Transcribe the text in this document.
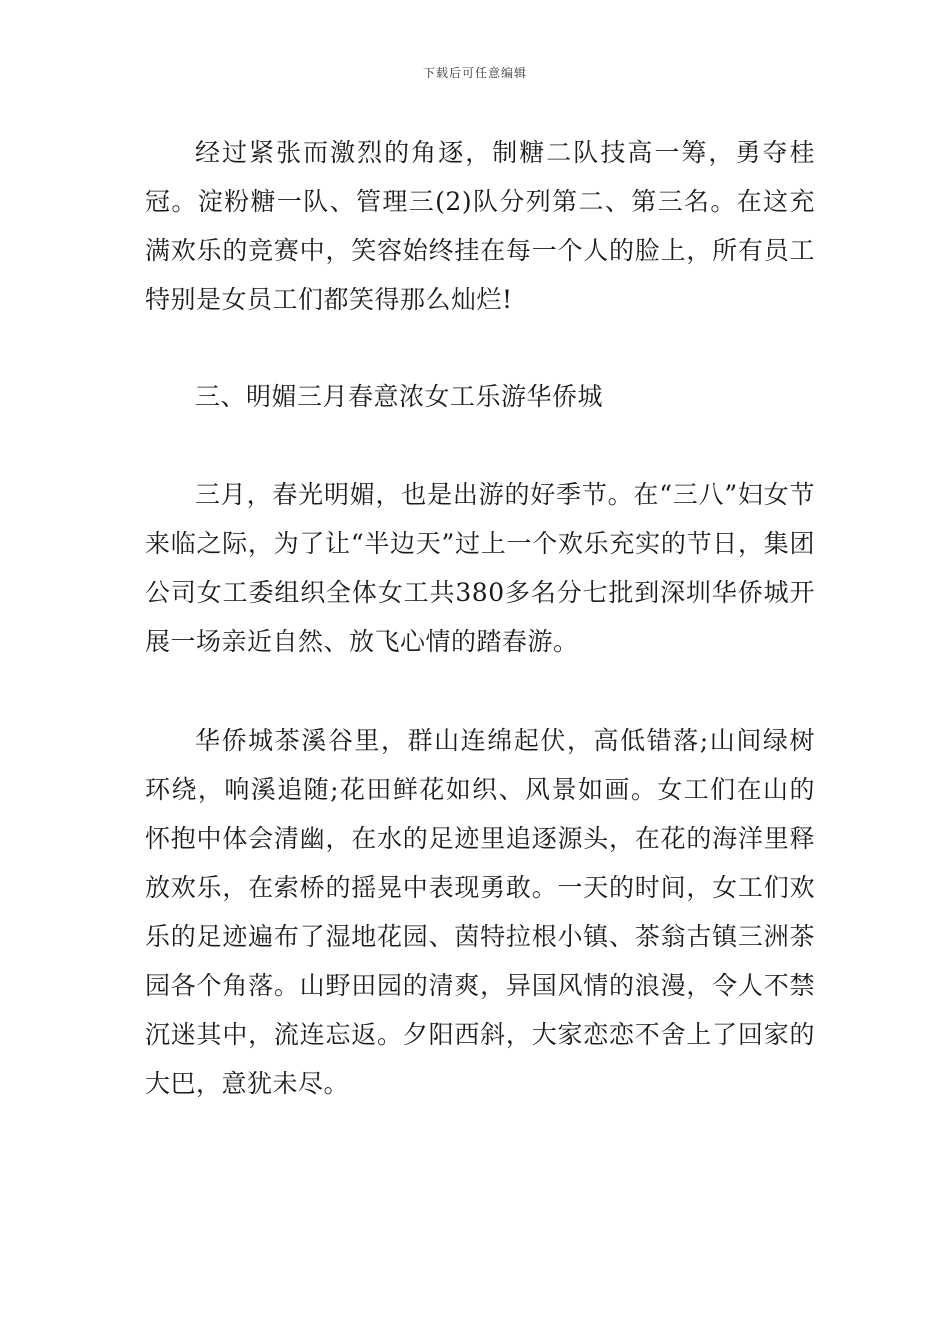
下载后可任意编辑

经过紧张而激烈的角逐，制糖二队技高一筹，勇夺桂冠。淀粉糖一队、管理三(2)队分列第二、第三名。在这充满欢乐的竞赛中，笑容始终挂在每一个人的脸上，所有员工特别是女员工们都笑得那么灿烂!

三、明媚三月春意浓女工乐游华侨城

三月，春光明媚，也是出游的好季节。在“三八”妇女节来临之际，为了让“半边天”过上一个欢乐充实的节日，集团公司女工委组织全体女工共380多名分七批到深圳华侨城开展一场亲近自然、放飞心情的踏春游。

华侨城茶溪谷里，群山连绵起伏，高低错落;山间绿树环绕，响溪追随;花田鲜花如织、风景如画。女工们在山的怀抱中体会清幽，在水的足迹里追逐源头，在花的海洋里释放欢乐，在索桥的摇晃中表现勇敢。一天的时间，女工们欢乐的足迹遍布了湿地花园、茵特拉根小镇、茶翁古镇三洲茶园各个角落。山野田园的清爽，异国风情的浪漫，令人不禁沉迷其中，流连忘返。夕阳西斜，大家恋恋不舍上了回家的大巴，意犹未尽。
